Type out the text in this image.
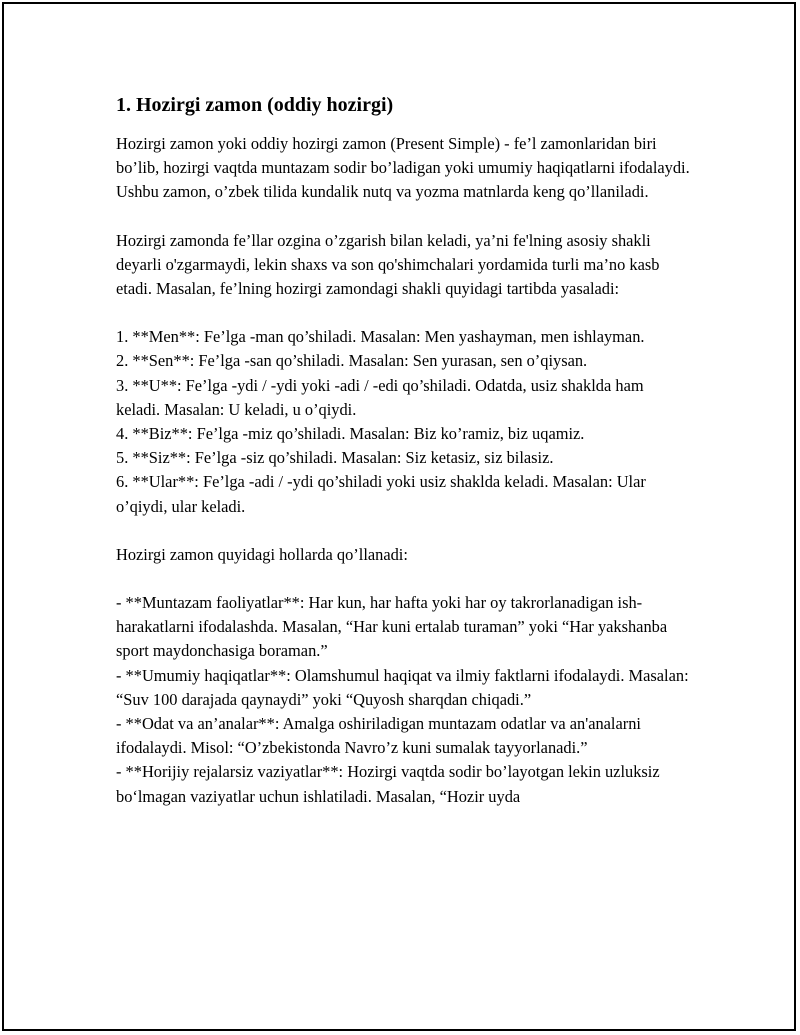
1. Hozirgi zamon (oddiy hozirgi)

Hozirgi zamon yoki oddiy hozirgi zamon (Present Simple) - fe’l zamonlaridan biri bo’lib, hozirgi vaqtda muntazam sodir bo’ladigan yoki umumiy haqiqatlarni ifodalaydi. Ushbu zamon, o’zbek tilida kundalik nutq va yozma matnlarda keng qo’llaniladi.

Hozirgi zamonda fe’llar ozgina o’zgarish bilan keladi, ya’ni fe'lning asosiy shakli deyarli o'zgarmaydi, lekin shaxs va son qo'shimchalari yordamida turli ma’no kasb etadi. Masalan, fe’lning hozirgi zamondagi shakli quyidagi tartibda yasaladi:

1. **Men**: Fe’lga -man qo’shiladi. Masalan: Men yashayman, men ishlayman.
2. **Sen**: Fe’lga -san qo’shiladi. Masalan: Sen yurasan, sen o’qiysan.
3. **U**: Fe’lga -ydi / -ydi yoki -adi / -edi qo’shiladi. Odatda, usiz shaklda ham keladi. Masalan: U keladi, u o’qiydi.
4. **Biz**: Fe’lga -miz qo’shiladi. Masalan: Biz ko’ramiz, biz uqamiz.
5. **Siz**: Fe’lga -siz qo’shiladi. Masalan: Siz ketasiz, siz bilasiz.
6. **Ular**: Fe’lga -adi / -ydi qo’shiladi yoki usiz shaklda keladi. Masalan: Ular o’qiydi, ular keladi.

Hozirgi zamon quyidagi hollarda qo’llanadi:

- **Muntazam faoliyatlar**: Har kun, har hafta yoki har oy takrorlanadigan ish-harakatlarni ifodalashda. Masalan, “Har kuni ertalab turaman” yoki “Har yakshanba sport maydonchasiga boraman.”
- **Umumiy haqiqatlar**: Olamshumul haqiqat va ilmiy faktlarni ifodalaydi. Masalan: “Suv 100 darajada qaynaydi” yoki “Quyosh sharqdan chiqadi.”
- **Odat va an’analar**: Amalga oshiriladigan muntazam odatlar va an'analarni ifodalaydi. Misol: “O’zbekistonda Navro’z kuni sumalak tayyorlanadi.”
- **Horijiy rejalarsiz vaziyatlar**: Hozirgi vaqtda sodir bo’layotgan lekin uzluksiz bo‘lmagan vaziyatlar uchun ishlatiladi. Masalan, “Hozir uyda
